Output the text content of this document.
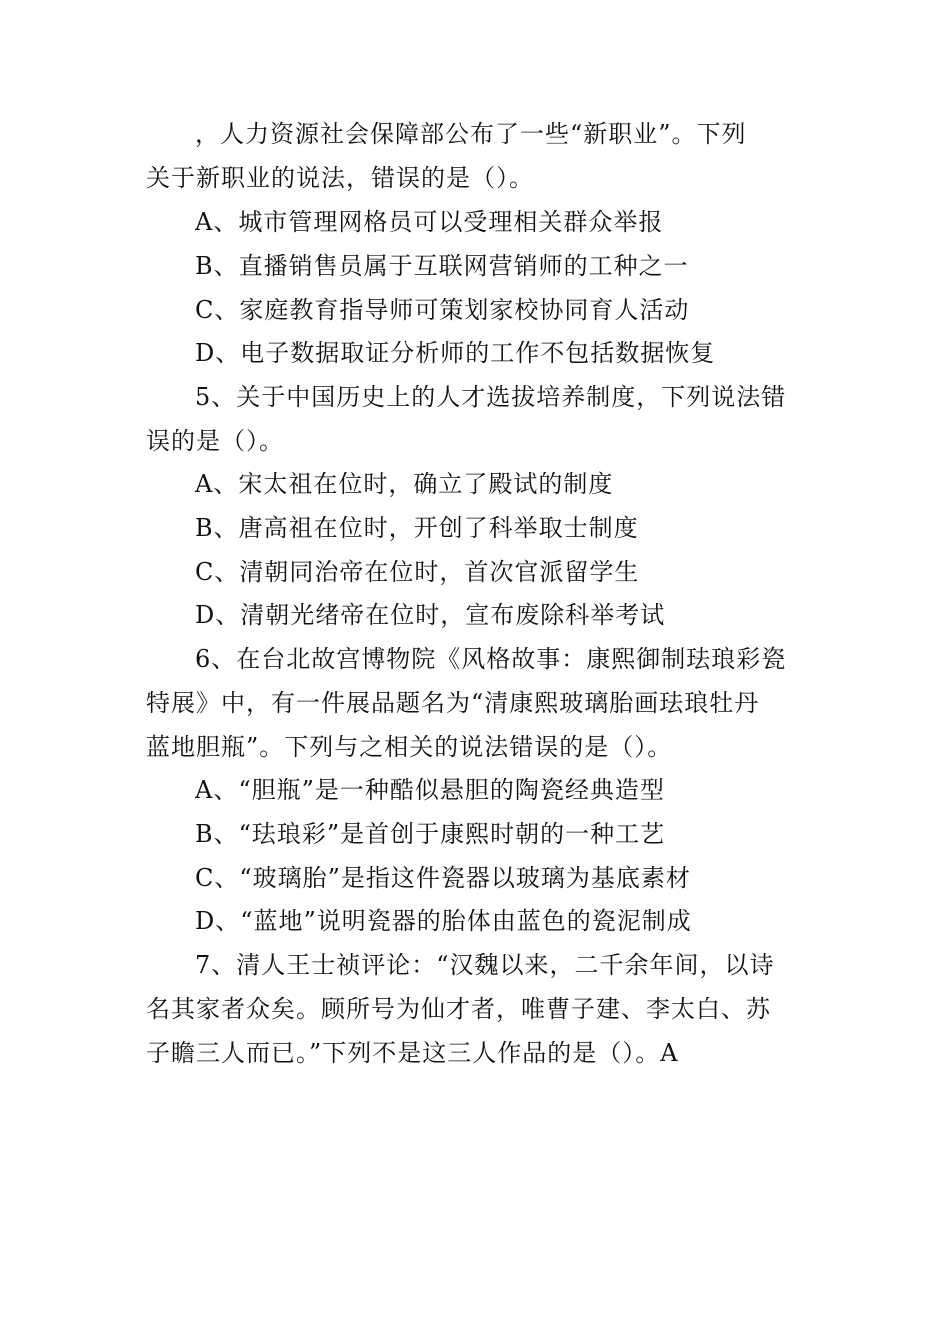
，人力资源社会保障部公布了一些“新职业”。下列
关于新职业的说法，错误的是（）。
A、城市管理网格员可以受理相关群众举报
B、直播销售员属于互联网营销师的工种之一
C、家庭教育指导师可策划家校协同育人活动
D、电子数据取证分析师的工作不包括数据恢复
5、关于中国历史上的人才选拔培养制度，下列说法错
误的是（）。
A、宋太祖在位时，确立了殿试的制度
B、唐高祖在位时，开创了科举取士制度
C、清朝同治帝在位时，首次官派留学生
D、清朝光绪帝在位时，宣布废除科举考试
6、在台北故宫博物院《风格故事：康熙御制珐琅彩瓷
特展》中，有一件展品题名为“清康熙玻璃胎画珐琅牡丹
蓝地胆瓶”。下列与之相关的说法错误的是（）。
A、“胆瓶”是一种酷似悬胆的陶瓷经典造型
B、“珐琅彩”是首创于康熙时朝的一种工艺
C、“玻璃胎”是指这件瓷器以玻璃为基底素材
D、“蓝地”说明瓷器的胎体由蓝色的瓷泥制成
7、清人王士祯评论：“汉魏以来，二千余年间，以诗
名其家者众矣。顾所号为仙才者，唯曹子建、李太白、苏
子瞻三人而已。”下列不是这三人作品的是（）。A
